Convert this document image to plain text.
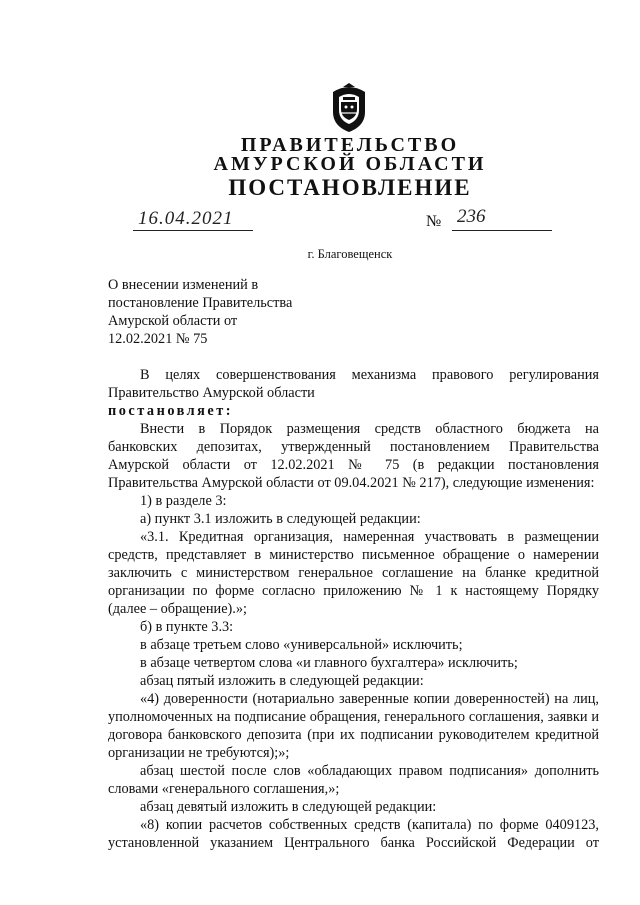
ПРАВИТЕЛЬСТВО
АМУРСКОЙ ОБЛАСТИ
ПОСТАНОВЛЕНИЕ
16.04.2021	№ 236
г. Благовещенск
О внесении изменений в
постановление Правительства
Амурской области от
12.02.2021 № 75
В целях совершенствования механизма правового регулирования
Правительство Амурской области
постановляет:
Внести в Порядок размещения средств областного бюджета на
банковских депозитах, утвержденный постановлением Правительства
Амурской области от 12.02.2021 № 75 (в редакции постановления
Правительства Амурской области от 09.04.2021 № 217), следующие изменения:
1) в разделе 3:
а) пункт 3.1 изложить в следующей редакции:
«3.1. Кредитная организация, намеренная участвовать в размещении
средств, представляет в министерство письменное обращение о намерении
заключить с министерством генеральное соглашение на бланке кредитной
организации по форме согласно приложению № 1 к настоящему Порядку
(далее – обращение).»;
б) в пункте 3.3:
в абзаце третьем слово «универсальной» исключить;
в абзаце четвертом слова «и главного бухгалтера» исключить;
абзац пятый изложить в следующей редакции:
«4) доверенности (нотариально заверенные копии доверенностей) на лиц,
уполномоченных на подписание обращения, генерального соглашения, заявки и
договора банковского депозита (при их подписании руководителем кредитной
организации не требуются);»;
абзац шестой после слов «обладающих правом подписания» дополнить
словами «генерального соглашения,»;
абзац девятый изложить в следующей редакции:
«8) копии расчетов собственных средств (капитала) по форме 0409123,
установленной указанием Центрального банка Российской Федерации от
